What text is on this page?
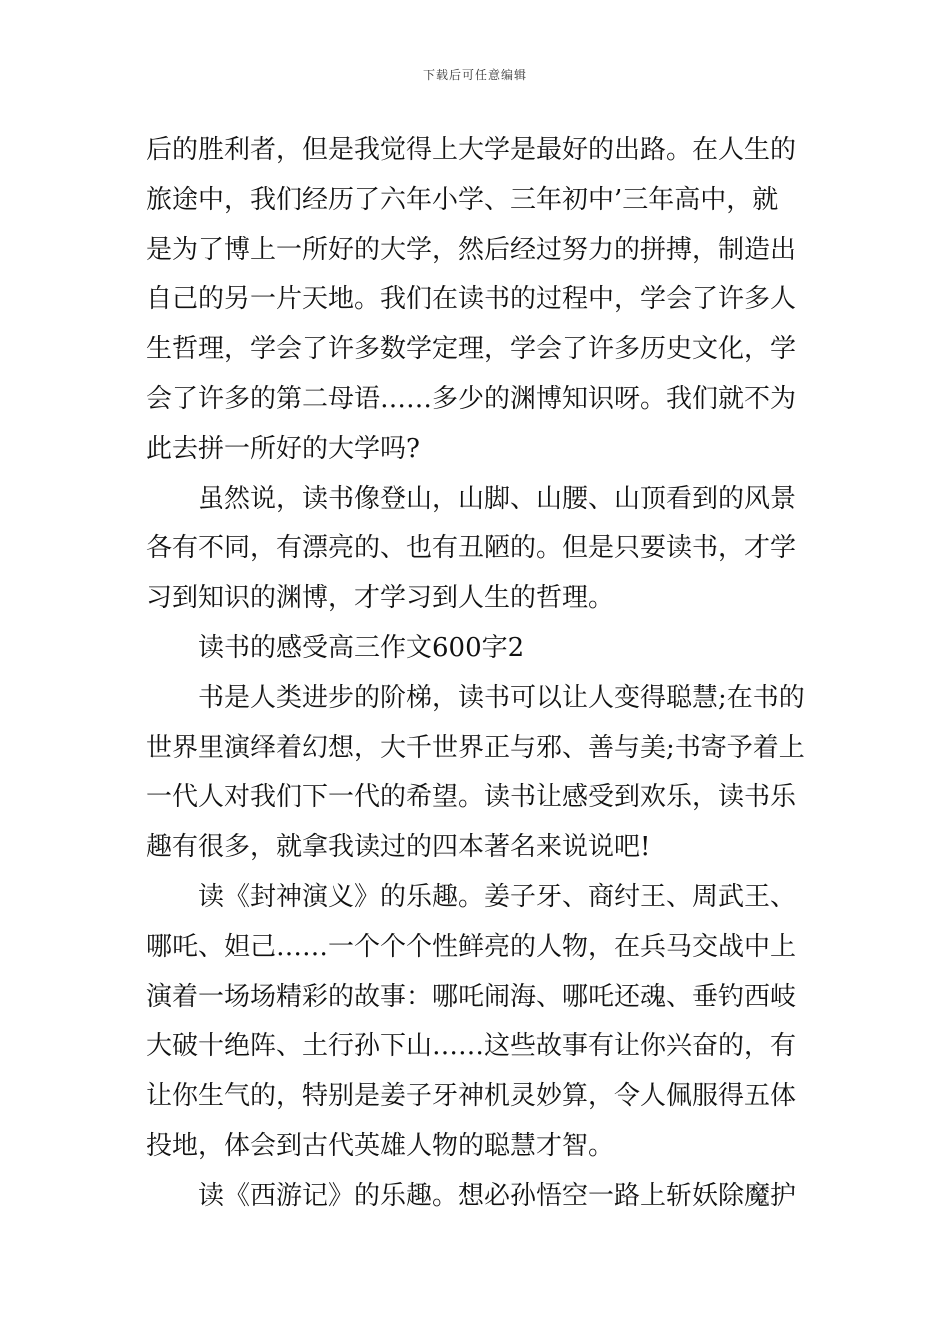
下载后可任意编辑
后的胜利者，但是我觉得上大学是最好的出路。在人生的
旅途中，我们经历了六年小学、三年初中’三年高中，就
是为了博上一所好的大学，然后经过努力的拼搏，制造出
自己的另一片天地。我们在读书的过程中，学会了许多人
生哲理，学会了许多数学定理，学会了许多历史文化，学
会了许多的第二母语……多少的渊博知识呀。我们就不为
此去拼一所好的大学吗?
虽然说，读书像登山，山脚、山腰、山顶看到的风景
各有不同，有漂亮的、也有丑陋的。但是只要读书，才学
习到知识的渊博，才学习到人生的哲理。
读书的感受高三作文600字2
书是人类进步的阶梯，读书可以让人变得聪慧;在书的
世界里演绎着幻想，大千世界正与邪、善与美;书寄予着上
一代人对我们下一代的希望。读书让感受到欢乐，读书乐
趣有很多，就拿我读过的四本著名来说说吧!
读《封神演义》的乐趣。姜子牙、商纣王、周武王、
哪吒、妲己……一个个个性鲜亮的人物，在兵马交战中上
演着一场场精彩的故事：哪吒闹海、哪吒还魂、垂钓西岐
大破十绝阵、土行孙下山……这些故事有让你兴奋的，有
让你生气的，特别是姜子牙神机灵妙算，令人佩服得五体
投地，体会到古代英雄人物的聪慧才智。
读《西游记》的乐趣。想必孙悟空一路上斩妖除魔护
